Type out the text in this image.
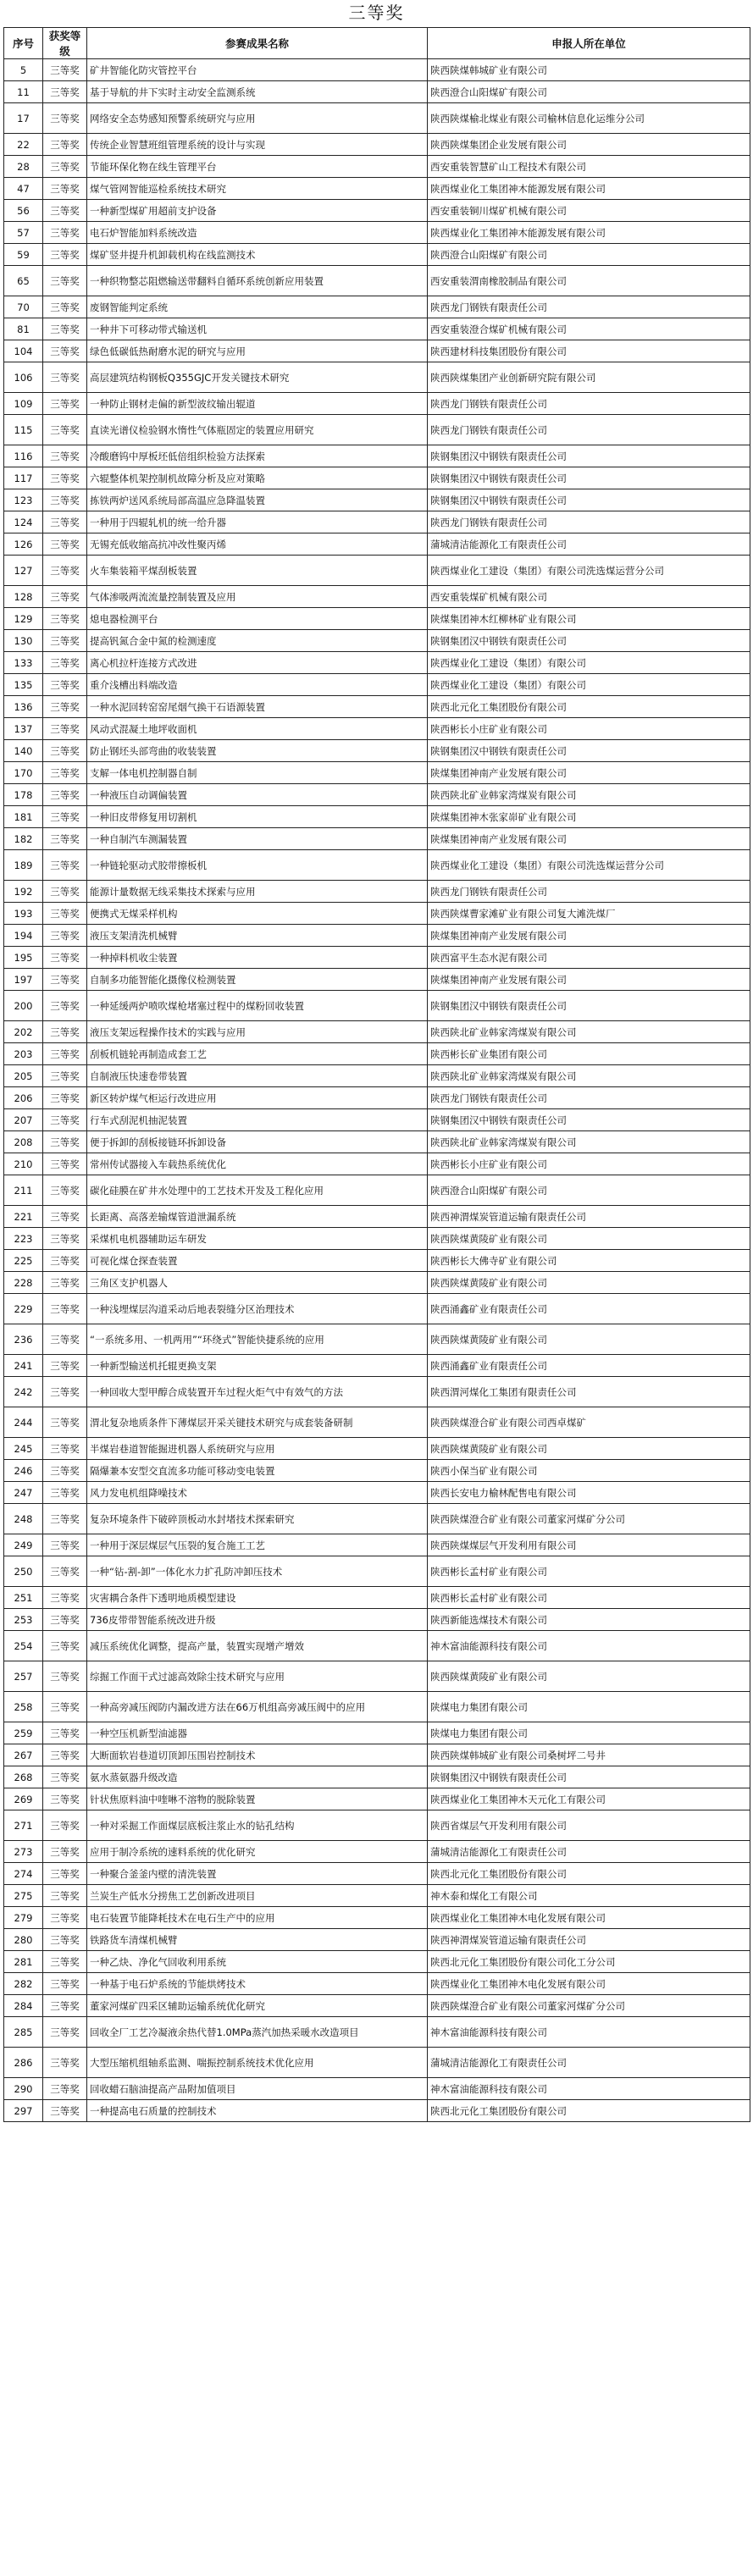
三等奖
序号	获奖等级	参赛成果名称	申报人所在单位
5	三等奖	矿井智能化防灾管控平台	陕西陕煤韩城矿业有限公司
11	三等奖	基于导航的井下实时主动安全监测系统	陕西澄合山阳煤矿有限公司
17	三等奖	网络安全态势感知预警系统研究与应用	陕西陕煤榆北煤业有限公司榆林信息化运维分公司
22	三等奖	传统企业智慧班组管理系统的设计与实现	陕西陕煤集团企业发展有限公司
28	三等奖	节能环保化物在线生管理平台	西安重装智慧矿山工程技术有限公司
47	三等奖	煤气管网智能巡检系统技术研究	陕西煤业化工集团神木能源发展有限公司
56	三等奖	一种新型煤矿用超前支护设备	西安重装铜川煤矿机械有限公司
57	三等奖	电石炉智能加料系统改造	陕西煤业化工集团神木能源发展有限公司
59	三等奖	煤矿竖井提升机卸载机构在线监测技术	陕西澄合山阳煤矿有限公司
65	三等奖	一种织物整芯阻燃输送带翻料自循环系统创新应用装置	西安重装渭南橡胶制品有限公司
70	三等奖	废钢智能判定系统	陕西龙门钢铁有限责任公司
81	三等奖	一种井下可移动带式输送机	西安重装澄合煤矿机械有限公司
104	三等奖	绿色低碳低热耐磨水泥的研究与应用	陕西建材科技集团股份有限公司
106	三等奖	高层建筑结构钢板Q355GJC开发关键技术研究	陕西陕煤集团产业创新研究院有限公司
109	三等奖	一种防止钢材走偏的新型波纹输出辊道	陕西龙门钢铁有限责任公司
115	三等奖	直读光谱仪检验钢水惰性气体瓶固定的装置应用研究	陕西龙门钢铁有限责任公司
116	三等奖	冷酸磨钨中厚板坯低倍组织检验方法探索	陕钢集团汉中钢铁有限责任公司
117	三等奖	六辊整体机架控制机故障分析及应对策略	陕钢集团汉中钢铁有限责任公司
123	三等奖	拣铁两炉送风系统局部高温应急降温装置	陕钢集团汉中钢铁有限责任公司
124	三等奖	一种用于四辊轧机的统一给升器	陕西龙门钢铁有限责任公司
126	三等奖	无锡充低收缩高抗冲改性聚丙烯	蒲城清洁能源化工有限责任公司
127	三等奖	火车集装箱平煤刮板装置	陕西煤业化工建设（集团）有限公司洗选煤运营分公司
128	三等奖	气体渗吸两流流量控制装置及应用	西安重装煤矿机械有限公司
129	三等奖	熄电器检测平台	陕煤集团神木红柳林矿业有限公司
130	三等奖	提高钒氮合金中氮的检测速度	陕钢集团汉中钢铁有限责任公司
133	三等奖	离心机拉杆连接方式改进	陕西煤业化工建设（集团）有限公司
135	三等奖	重介浅槽出料端改造	陕西煤业化工建设（集团）有限公司
136	三等奖	一种水泥回转窑窑尾烟气换干石语源装置	陕西北元化工集团股份有限公司
137	三等奖	风动式混凝土地坪收面机	陕西彬长小庄矿业有限公司
140	三等奖	防止钢坯头部弯曲的收装装置	陕钢集团汉中钢铁有限责任公司
170	三等奖	支解一体电机控制器自制	陕煤集团神南产业发展有限公司
178	三等奖	一种液压自动调偏装置	陕西陕北矿业韩家湾煤炭有限公司
181	三等奖	一种旧皮带修复用切割机	陕煤集团神木张家峁矿业有限公司
182	三等奖	一种自制汽车测漏装置	陕煤集团神南产业发展有限公司
189	三等奖	一种链轮驱动式胶带擦板机	陕西煤业化工建设（集团）有限公司洗选煤运营分公司
192	三等奖	能源计量数据无线采集技术探索与应用	陕西龙门钢铁有限责任公司
193	三等奖	便携式无煤采样机构	陕西陕煤曹家滩矿业有限公司复大滩洗煤厂
194	三等奖	液压支架清洗机械臂	陕煤集团神南产业发展有限公司
195	三等奖	一种掉料机收尘装置	陕西富平生态水泥有限公司
197	三等奖	自制多功能智能化摄像仪检测装置	陕煤集团神南产业发展有限公司
200	三等奖	一种延缓两炉喷吹煤枪堵塞过程中的煤粉回收装置	陕钢集团汉中钢铁有限责任公司
202	三等奖	液压支架远程操作技术的实践与应用	陕西陕北矿业韩家湾煤炭有限公司
203	三等奖	刮板机链轮再制造成套工艺	陕西彬长矿业集团有限公司
205	三等奖	自制液压快速卷带装置	陕西陕北矿业韩家湾煤炭有限公司
206	三等奖	新区转炉煤气柜运行改进应用	陕西龙门钢铁有限责任公司
207	三等奖	行车式刮泥机抽泥装置	陕钢集团汉中钢铁有限责任公司
208	三等奖	便于拆卸的刮板接链环拆卸设备	陕西陕北矿业韩家湾煤炭有限公司
210	三等奖	常州传试器接入车载热系统优化	陕西彬长小庄矿业有限公司
211	三等奖	碳化硅膜在矿井水处理中的工艺技术开发及工程化应用	陕西澄合山阳煤矿有限公司
221	三等奖	长距离、高落差输煤管道泄漏系统	陕西神渭煤炭管道运输有限责任公司
223	三等奖	采煤机电机器辅助运车研发	陕西陕煤黄陵矿业有限公司
225	三等奖	可视化煤仓探查装置	陕西彬长大佛寺矿业有限公司
228	三等奖	三角区支护机器人	陕西陕煤黄陵矿业有限公司
229	三等奖	一种浅埋煤层沟道采动后地表裂缝分区治理技术	陕西涌鑫矿业有限责任公司
236	三等奖	“一系统多用、一机两用”“环绕式”智能快捷系统的应用	陕西陕煤黄陵矿业有限公司
241	三等奖	一种新型输送机托辊更换支架	陕西涌鑫矿业有限责任公司
242	三等奖	一种回收大型甲醇合成装置开车过程火炬气中有效气的方法	陕西渭河煤化工集团有限责任公司
244	三等奖	渭北复杂地质条件下薄煤层开采关键技术研究与成套装备研制	陕西陕煤澄合矿业有限公司西卓煤矿
245	三等奖	半煤岩巷道智能掘进机器人系统研究与应用	陕西陕煤黄陵矿业有限公司
246	三等奖	隔爆兼本安型交直流多功能可移动变电装置	陕西小保当矿业有限公司
247	三等奖	风力发电机组降噪技术	陕西长安电力榆林配售电有限公司
248	三等奖	复杂环境条件下破碎顶板动水封堵技术探索研究	陕西陕煤澄合矿业有限公司董家河煤矿分公司
249	三等奖	一种用于深层煤层气压裂的复合施工工艺	陕西陕煤煤层气开发利用有限公司
250	三等奖	一种“钻-割-卸”一体化水力扩孔防冲卸压技术	陕西彬长孟村矿业有限公司
251	三等奖	灾害耦合条件下透明地质模型建设	陕西彬长孟村矿业有限公司
253	三等奖	736皮带带智能系统改进升级	陕西新能选煤技术有限公司
254	三等奖	减压系统优化调整，提高产量，装置实现增产增效	神木富油能源科技有限公司
257	三等奖	综掘工作面干式过滤高效除尘技术研究与应用	陕西陕煤黄陵矿业有限公司
258	三等奖	一种高旁减压阀防内漏改进方法在66万机组高旁减压阀中的应用	陕煤电力集团有限公司
259	三等奖	一种空压机新型油滤器	陕煤电力集团有限公司
267	三等奖	大断面软岩巷道切顶卸压围岩控制技术	陕西陕煤韩城矿业有限公司桑树坪二号井
268	三等奖	氨水蒸氨器升级改造	陕钢集团汉中钢铁有限责任公司
269	三等奖	针状焦原料油中喹啉不溶物的脱除装置	陕西煤业化工集团神木天元化工有限公司
271	三等奖	一种对采掘工作面煤层底板注浆止水的钻孔结构	陕西省煤层气开发利用有限公司
273	三等奖	应用于制冷系统的速料系统的优化研究	蒲城清洁能源化工有限责任公司
274	三等奖	一种聚合釜釜内壁的清洗装置	陕西北元化工集团股份有限公司
275	三等奖	兰炭生产低水分捞焦工艺创新改进项目	神木泰和煤化工有限公司
279	三等奖	电石装置节能降耗技术在电石生产中的应用	陕西煤业化工集团神木电化发展有限公司
280	三等奖	铁路货车清煤机械臂	陕西神渭煤炭管道运输有限责任公司
281	三等奖	一种乙炔、净化气回收利用系统	陕西北元化工集团股份有限公司化工分公司
282	三等奖	一种基于电石炉系统的节能烘烤技术	陕西煤业化工集团神木电化发展有限公司
284	三等奖	董家河煤矿四采区辅助运输系统优化研究	陕西陕煤澄合矿业有限公司董家河煤矿分公司
285	三等奖	回收全厂工艺冷凝液余热代替1.0MPa蒸汽加热采暖水改造项目	神木富油能源科技有限公司
286	三等奖	大型压缩机组轴系监测、喘振控制系统技术优化应用	蒲城清洁能源化工有限责任公司
290	三等奖	回收蜡石脑油提高产品附加值项目	神木富油能源科技有限公司
297	三等奖	一种提高电石质量的控制技术	陕西北元化工集团股份有限公司
